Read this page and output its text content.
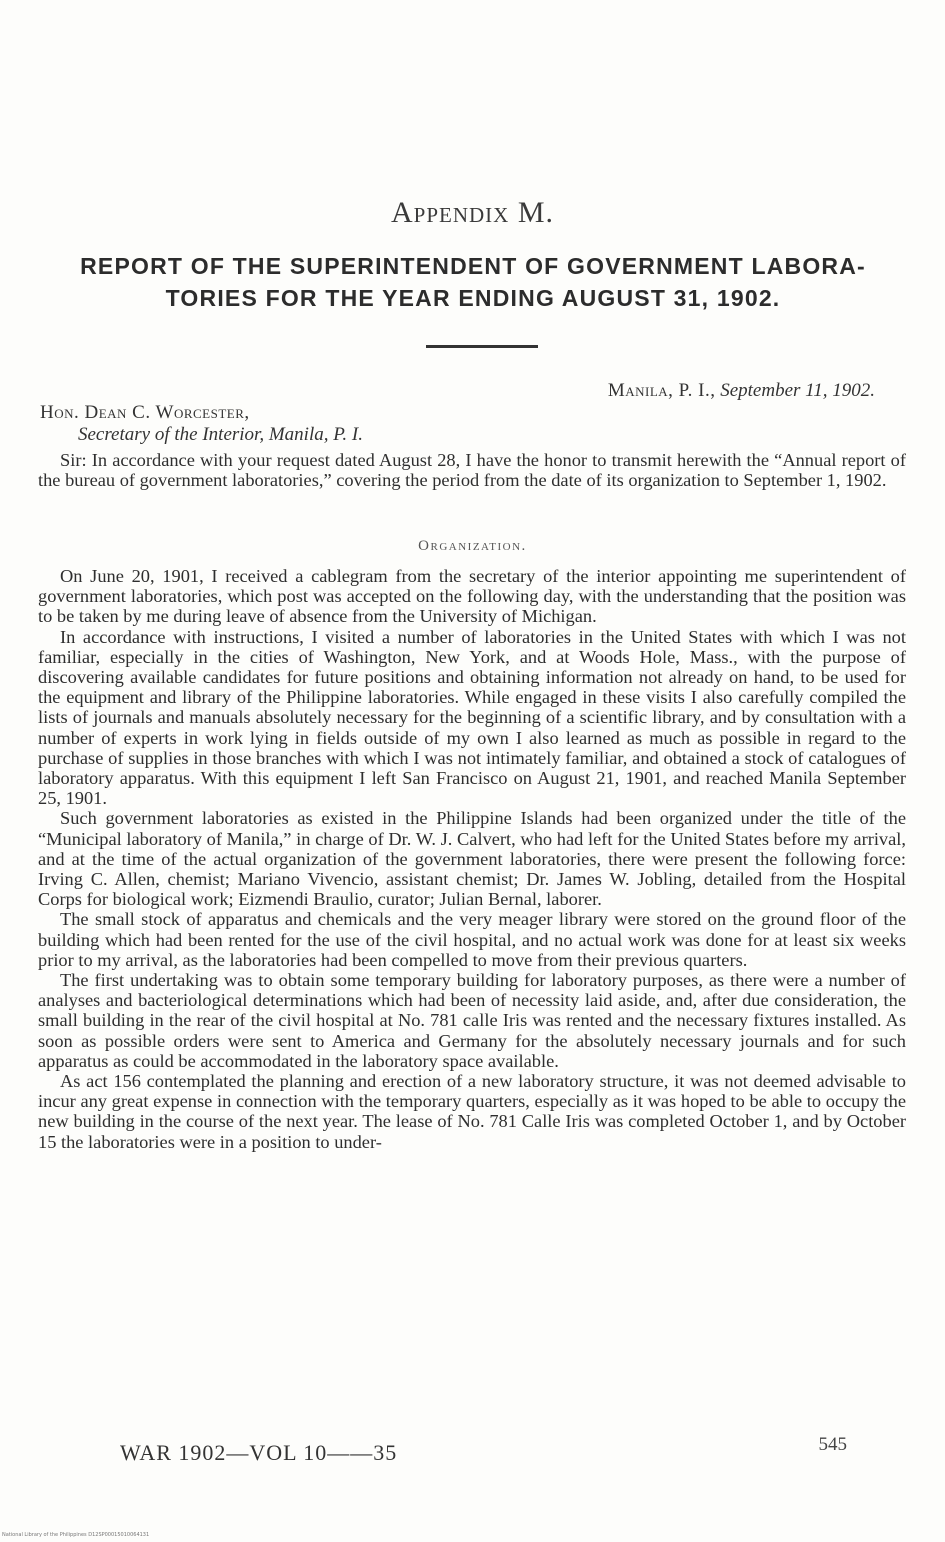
Appendix M.
REPORT OF THE SUPERINTENDENT OF GOVERNMENT LABORA-
TORIES FOR THE YEAR ENDING AUGUST 31, 1902.
Manila, P. I., September 11, 1902.
Hon. Dean C. Worcester,
Secretary of the Interior, Manila, P. I.

Sir: In accordance with your request dated August 28, I have the honor to transmit herewith the “Annual report of the bureau of government laboratories,” covering the period from the date of its organization to September 1, 1902.

Organization.

On June 20, 1901, I received a cablegram from the secretary of the interior appointing me superintendent of government laboratories, which post was accepted on the following day, with the understanding that the position was to be taken by me during leave of absence from the University of Michigan.

In accordance with instructions, I visited a number of laboratories in the United States with which I was not familiar, especially in the cities of Washington, New York, and at Woods Hole, Mass., with the purpose of discovering available candidates for future positions and obtaining information not already on hand, to be used for the equipment and library of the Philippine laboratories. While engaged in these visits I also carefully compiled the lists of journals and manuals absolutely necessary for the beginning of a scientific library, and by consultation with a number of experts in work lying in fields outside of my own I also learned as much as possible in regard to the purchase of supplies in those branches with which I was not intimately familiar, and obtained a stock of catalogues of laboratory apparatus. With this equipment I left San Francisco on August 21, 1901, and reached Manila September 25, 1901.

Such government laboratories as existed in the Philippine Islands had been organized under the title of the “Municipal laboratory of Manila,” in charge of Dr. W. J. Calvert, who had left for the United States before my arrival, and at the time of the actual organization of the government laboratories, there were present the following force: Irving C. Allen, chemist; Mariano Vivencio, assistant chemist; Dr. James W. Jobling, detailed from the Hospital Corps for biological work; Eizmendi Braulio, curator; Julian Bernal, laborer.

The small stock of apparatus and chemicals and the very meager library were stored on the ground floor of the building which had been rented for the use of the civil hospital, and no actual work was done for at least six weeks prior to my arrival, as the laboratories had been compelled to move from their previous quarters.

The first undertaking was to obtain some temporary building for laboratory purposes, as there were a number of analyses and bacteriological determinations which had been of necessity laid aside, and, after due consideration, the small building in the rear of the civil hospital at No. 781 calle Iris was rented and the necessary fixtures installed. As soon as possible orders were sent to America and Germany for the absolutely necessary journals and for such apparatus as could be accommodated in the laboratory space available.

As act 156 contemplated the planning and erection of a new laboratory structure, it was not deemed advisable to incur any great expense in connection with the temporary quarters, especially as it was hoped to be able to occupy the new building in the course of the next year. The lease of No. 781 Calle Iris was completed October 1, and by October 15 the laboratories were in a position to under-

WAR 1902—VOL 10——35	545
National Library of the Philippines D12SP00015010064131
